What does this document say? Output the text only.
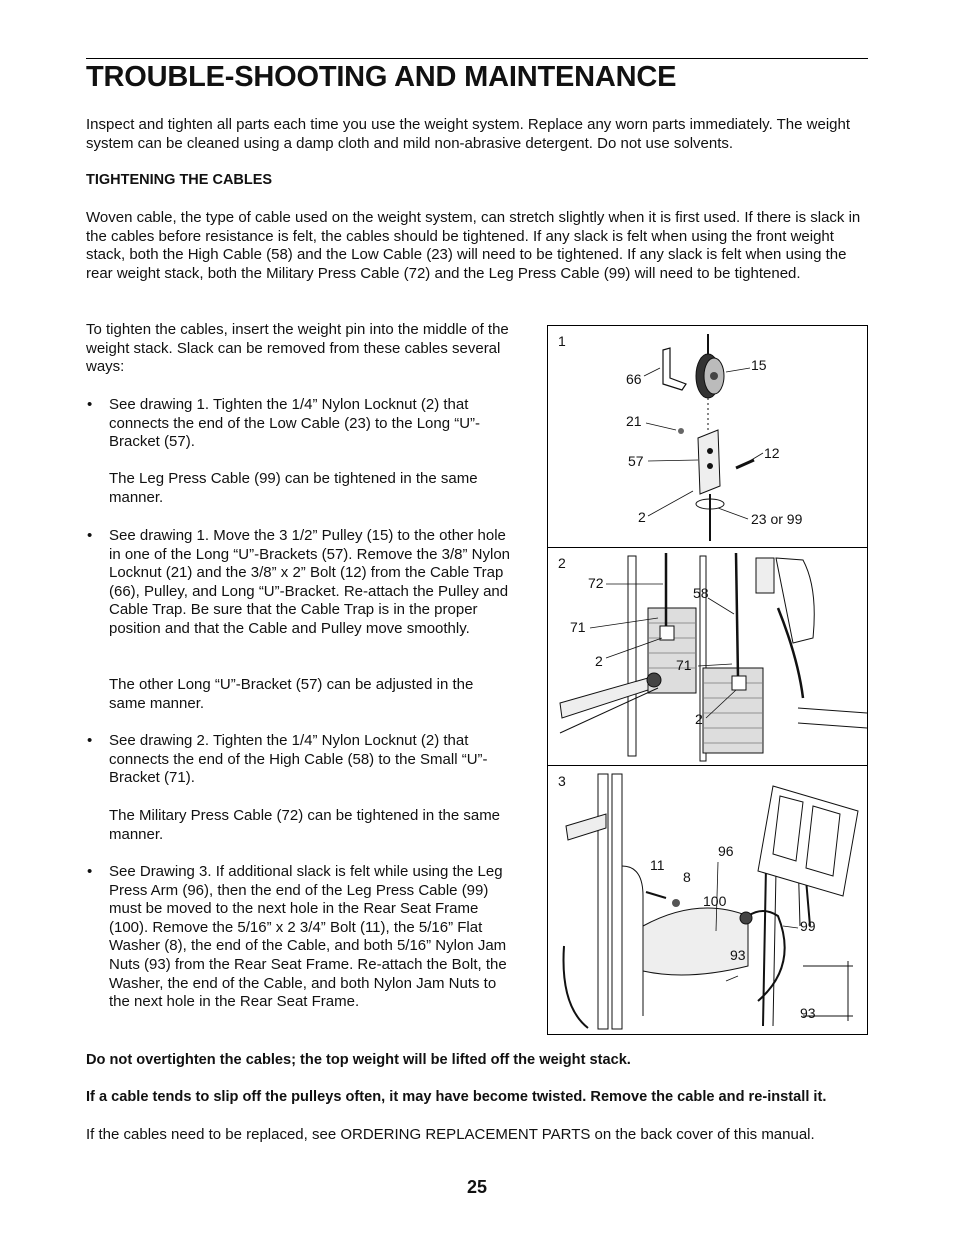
TROUBLE-SHOOTING AND MAINTENANCE

Inspect and tighten all parts each time you use the weight system. Replace any worn parts immediately. The weight system can be cleaned using a damp cloth and mild non-abrasive detergent. Do not use solvents.

TIGHTENING THE CABLES

Woven cable, the type of cable used on the weight system, can stretch slightly when it is first used. If there is slack in the cables before resistance is felt, the cables should be tightened. If any slack is felt when using the front weight stack, both the High Cable (58) and the Low Cable (23) will need to be tightened. If any slack is felt when using the rear weight stack, both the Military Press Cable (72) and the Leg Press Cable (99) will need to be tightened.

To tighten the cables, insert the weight pin into the middle of the weight stack. Slack can be removed from these cables several ways:

• See drawing 1. Tighten the 1/4” Nylon Locknut (2) that connects the end of the Low Cable (23) to the Long “U”-Bracket (57).

The Leg Press Cable (99) can be tightened in the same manner.

• See drawing 1. Move the 3 1/2” Pulley (15) to the other hole in one of the Long “U”-Brackets (57). Remove the 3/8” Nylon Locknut (21) and the 3/8” x 2” Bolt (12) from the Cable Trap (66), Pulley, and Long “U”-Bracket. Re-attach the Pulley and Cable Trap. Be sure that the Cable Trap is in the proper position and that the Cable and Pulley move smoothly.

The other Long “U”-Bracket (57) can be adjusted in the same manner.

• See drawing 2. Tighten the 1/4” Nylon Locknut (2) that connects the end of the High Cable (58) to the Small “U”-Bracket (71).

The Military Press Cable (72) can be tightened in the same manner.

• See Drawing 3. If additional slack is felt while using the Leg Press Arm (96), then the end of the Leg Press Cable (99) must be moved to the next hole in the Rear Seat Frame (100). Remove the 5/16” x 2 3/4” Bolt (11), the 5/16” Flat Washer (8), the end of the Cable, and both 5/16” Nylon Jam Nuts (93) from the Rear Seat Frame. Re-attach the Bolt, the Washer, the end of the Cable, and both Nylon Jam Nuts to the next hole in the Rear Seat Frame.

Do not overtighten the cables; the top weight will be lifted off the weight stack.

If a cable tends to slip off the pulleys often, it may have become twisted. Remove the cable and re-install it.

If the cables need to be replaced, see ORDERING REPLACEMENT PARTS on the back cover of this manual.

25
1
66
15
21
12
57
2	23 or 99
2
72
58
71
2	71
2
3
96
11
8
100
99
93
93
